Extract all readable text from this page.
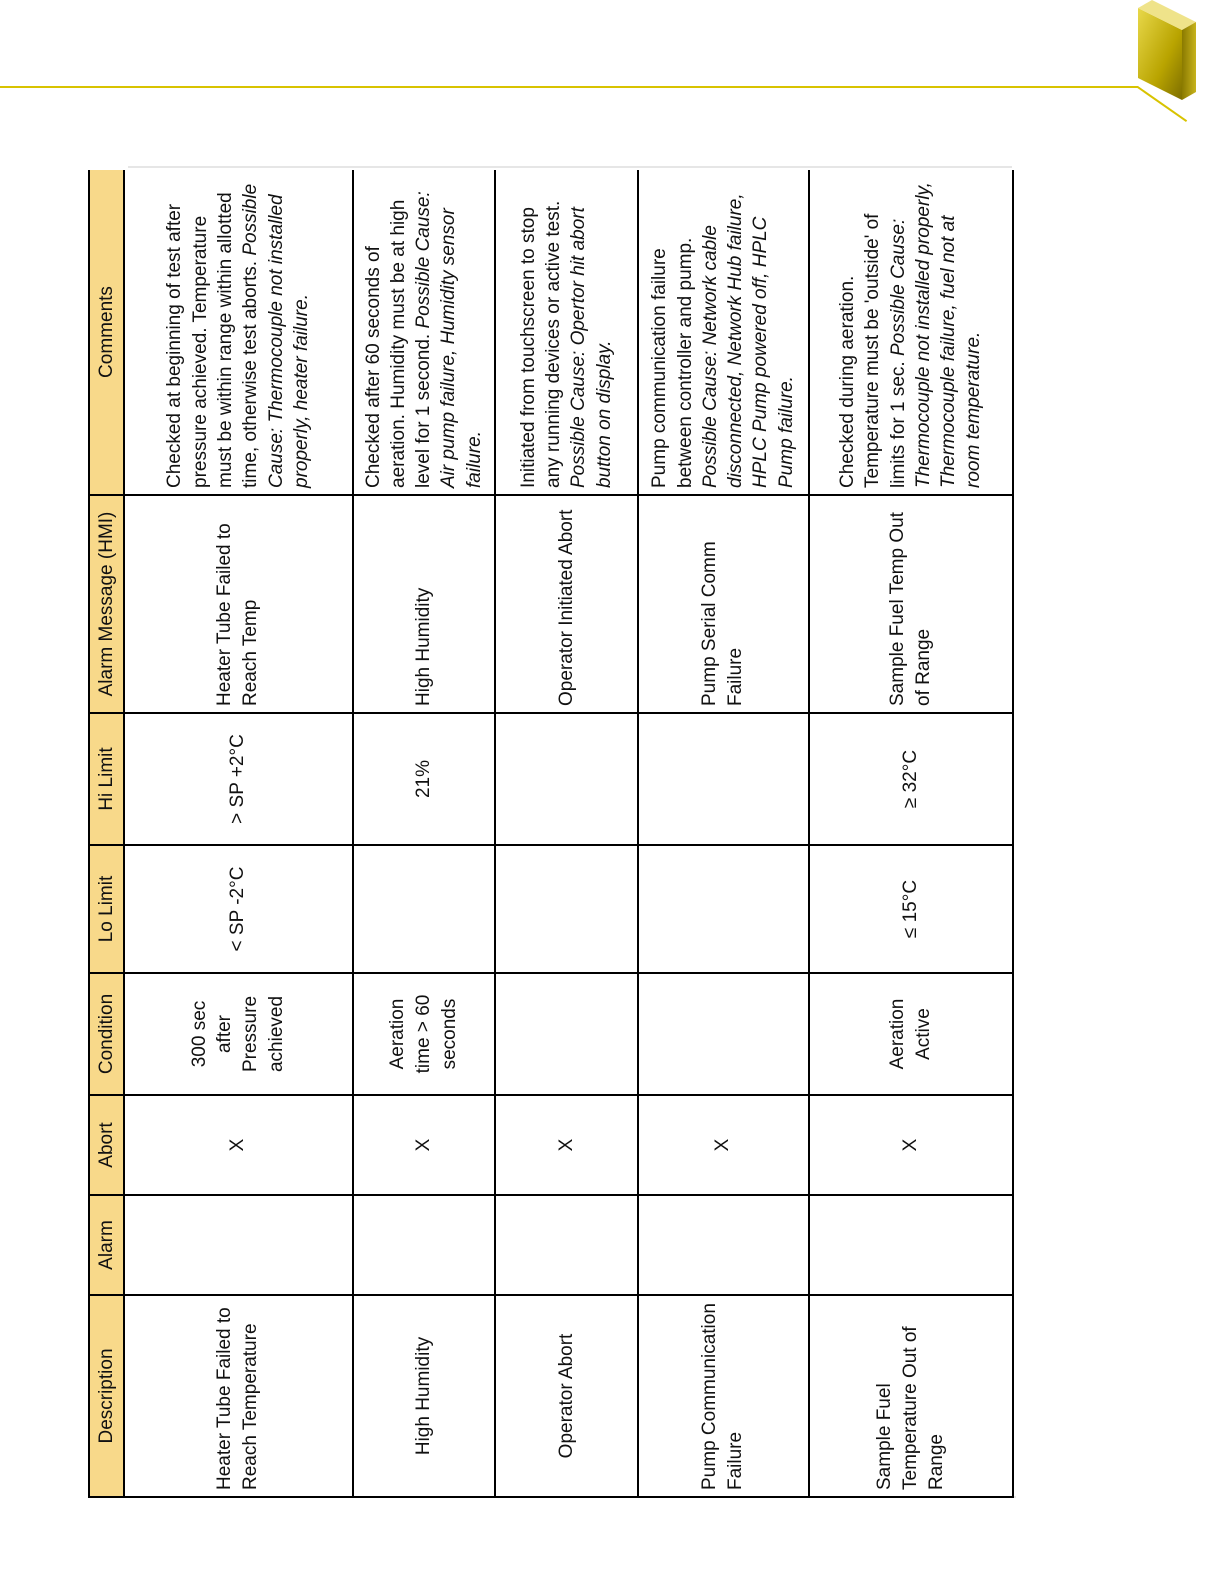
Description	Alarm	Abort	Condition	Lo Limit	Hi Limit	Alarm Message (HMI)	Comments
Heater Tube Failed to Reach Temperature		X	300 sec after Pressure achieved	< SP -2°C	> SP +2°C	Heater Tube Failed to Reach Temp	Checked at beginning of test after pressure achieved. Temperature must be within range within allotted time, otherwise test aborts. Possible Cause: Thermocouple not installed properly, heater failure.
High Humidity		X	Aeration time > 60 seconds		21%	High Humidity	Checked after 60 seconds of aeration. Humidity must be at high level for 1 second. Possible Cause: Air pump failure, Humidity sensor failure.
Operator Abort		X				Operator Initiated Abort	Initiated from touchscreen to stop any running devices or active test. Possible Cause: Opertor hit abort button on display.
Pump Communication Failure		X				Pump Serial Comm Failure	Pump communication failure between controller and pump. Possible Cause: Network cable disconnected, Network Hub failure, HPLC Pump powered off, HPLC Pump failure.
Sample Fuel Temperature Out of Range		X	Aeration Active	≤ 15°C	≥ 32°C	Sample Fuel Temp Out of Range	Checked during aeration. Temperature must be 'outside' of limits for 1 sec. Possible Cause: Thermocouple not installed properly, Thermocouple failure, fuel not at room temperature.
